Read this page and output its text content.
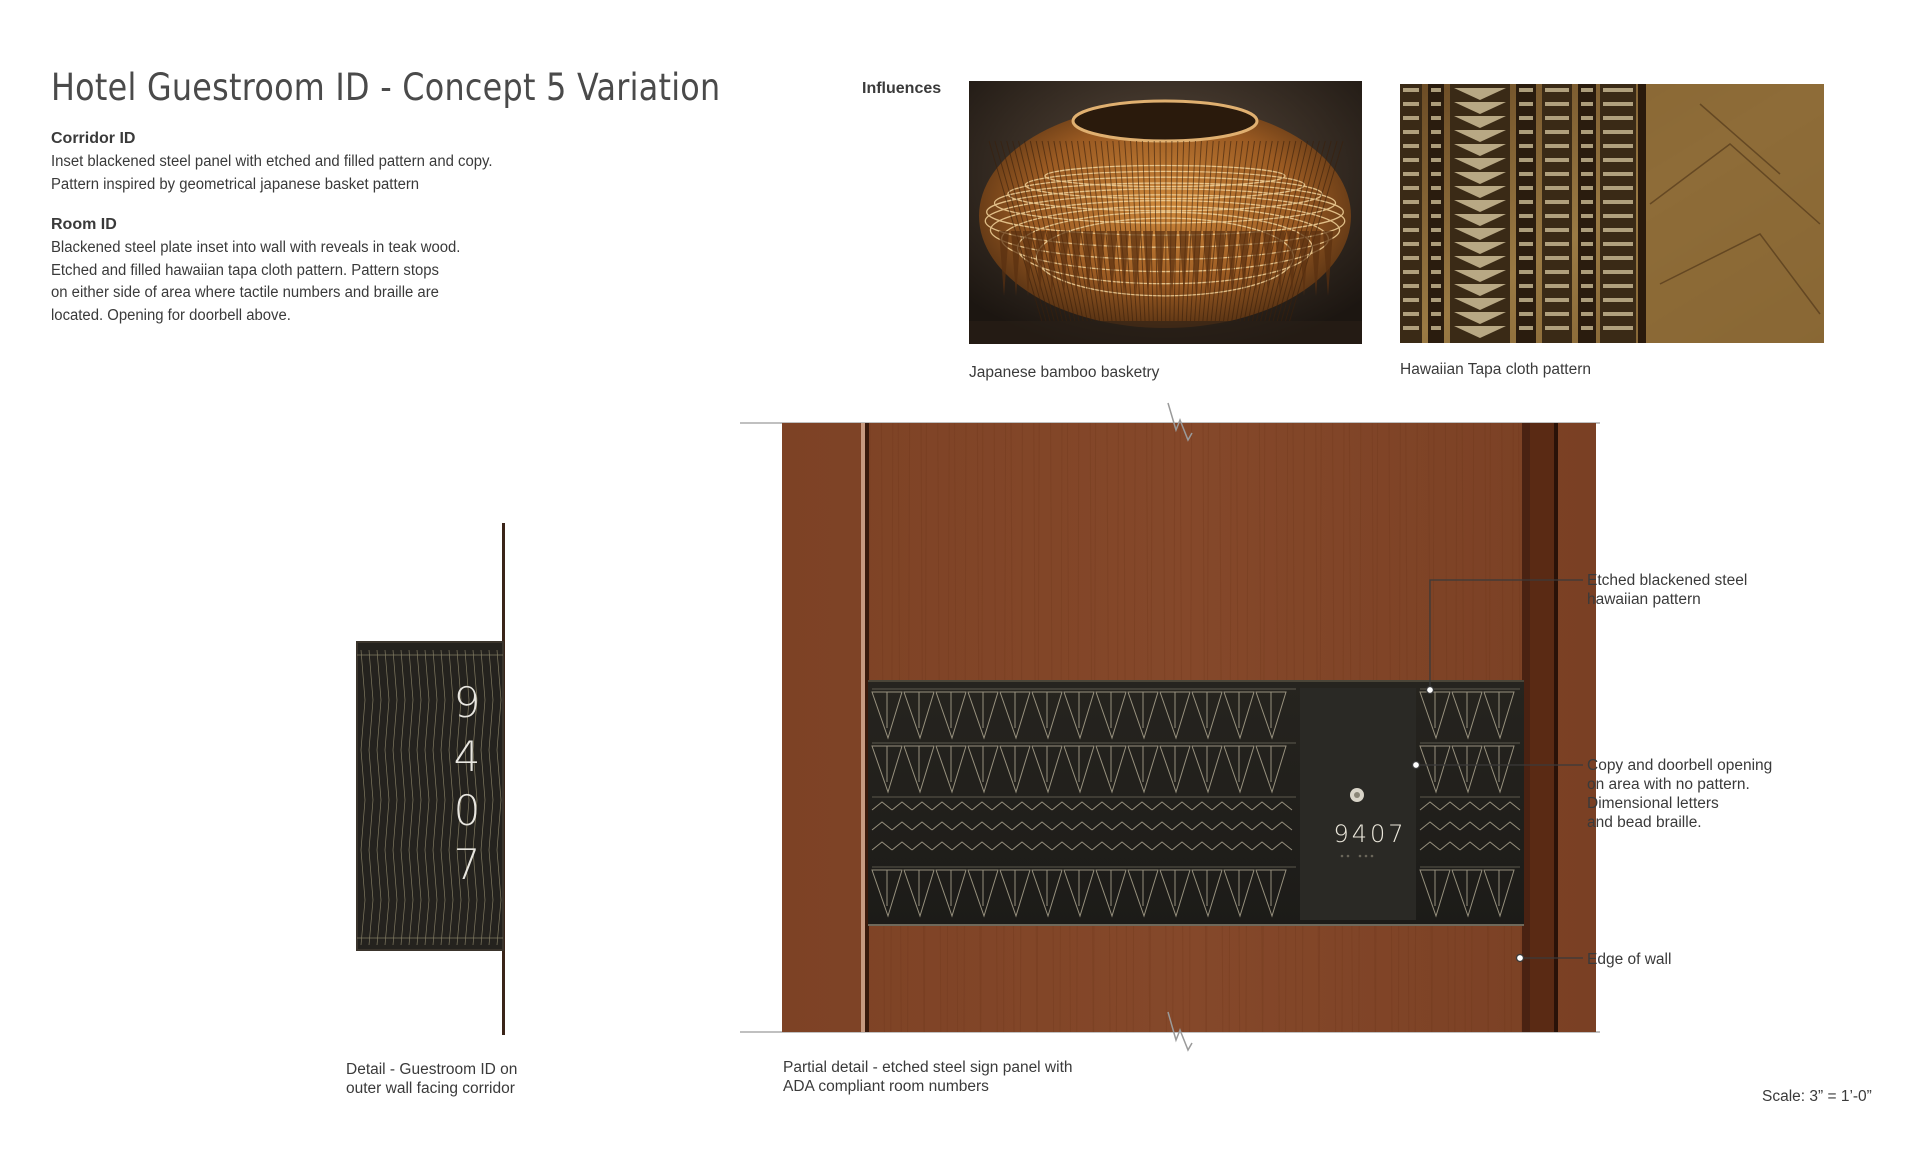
Hotel Guestroom ID - Concept 5 Variation
Corridor ID
Inset blackened steel panel with etched and filled pattern and copy.
Pattern inspired by geometrical japanese basket pattern
Room ID
Blackened steel plate inset into wall with reveals in teak wood.
Etched and filled hawaiian tapa cloth pattern. Pattern stops
on either side of area where tactile numbers and braille are
located. Opening for doorbell above.
Influences
Japanese bamboo basketry	Hawaiian Tapa cloth pattern
9
4
0
7
Detail - Guestroom ID on
outer wall facing corridor
9407
Etched blackened steel
hawaiian pattern
Copy and doorbell opening
on area with no pattern.
Dimensional letters
and bead braille.
Edge of wall
Partial detail - etched steel sign panel with
ADA compliant room numbers
Scale: 3” = 1’-0”
